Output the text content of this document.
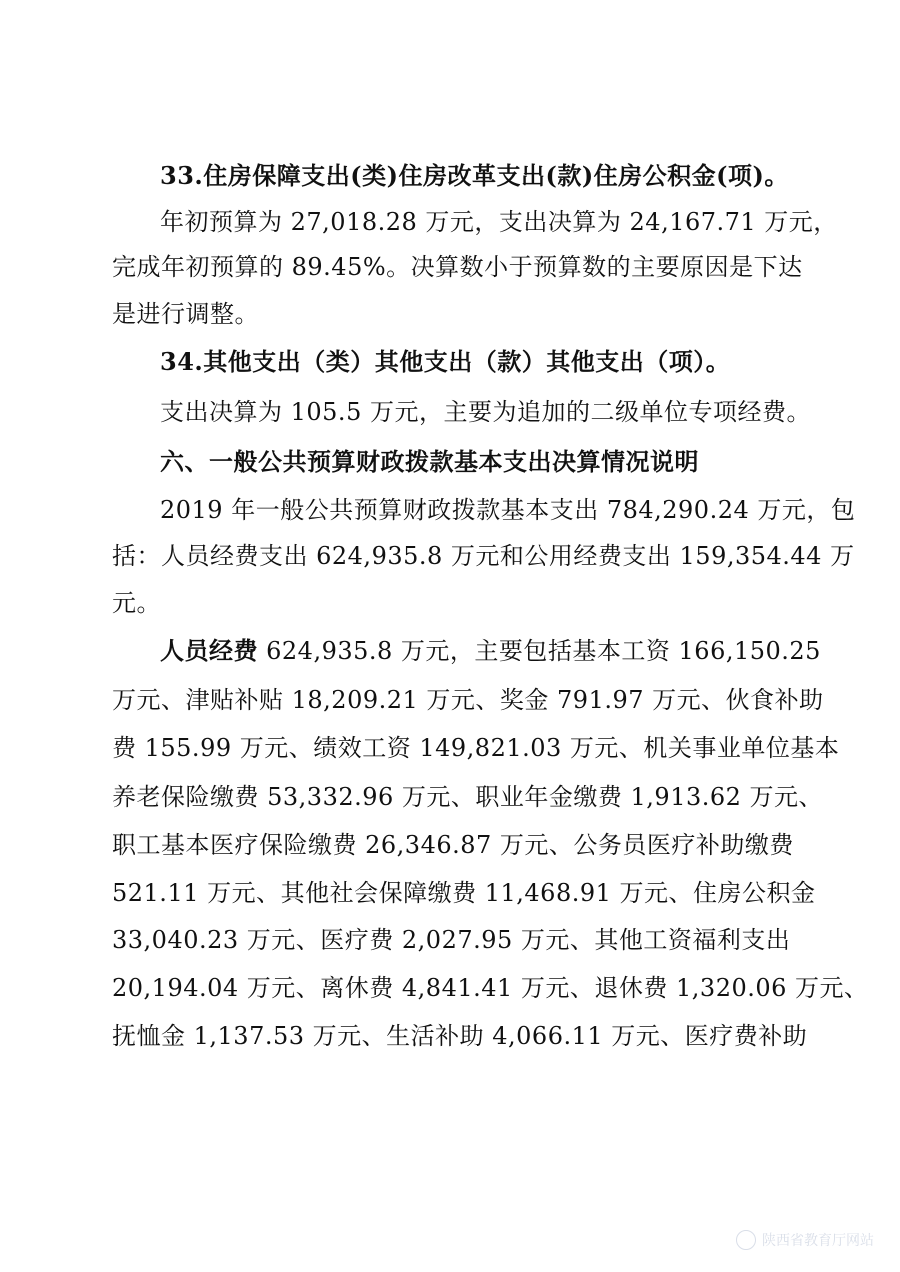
33.住房保障支出(类)住房改革支出(款)住房公积金(项)。
年初预算为 27,018.28 万元，支出决算为 24,167.71 万元，
完成年初预算的 89.45%。决算数小于预算数的主要原因是下达
是进行调整。
34.其他支出（类）其他支出（款）其他支出（项）。
支出决算为 105.5 万元，主要为追加的二级单位专项经费。
六、一般公共预算财政拨款基本支出决算情况说明
2019 年一般公共预算财政拨款基本支出 784,290.24 万元，包
括：人员经费支出 624,935.8 万元和公用经费支出 159,354.44 万
元。
人员经费 624,935.8 万元，主要包括基本工资 166,150.25
万元、津贴补贴 18,209.21 万元、奖金 791.97 万元、伙食补助
费 155.99 万元、绩效工资 149,821.03 万元、机关事业单位基本
养老保险缴费 53,332.96 万元、职业年金缴费 1,913.62 万元、
职工基本医疗保险缴费 26,346.87 万元、公务员医疗补助缴费
521.11 万元、其他社会保障缴费 11,468.91 万元、住房公积金
33,040.23 万元、医疗费 2,027.95 万元、其他工资福利支出
20,194.04 万元、离休费 4,841.41 万元、退休费 1,320.06 万元、
抚恤金 1,137.53 万元、生活补助 4,066.11 万元、医疗费补助
陕西省教育厅网站
